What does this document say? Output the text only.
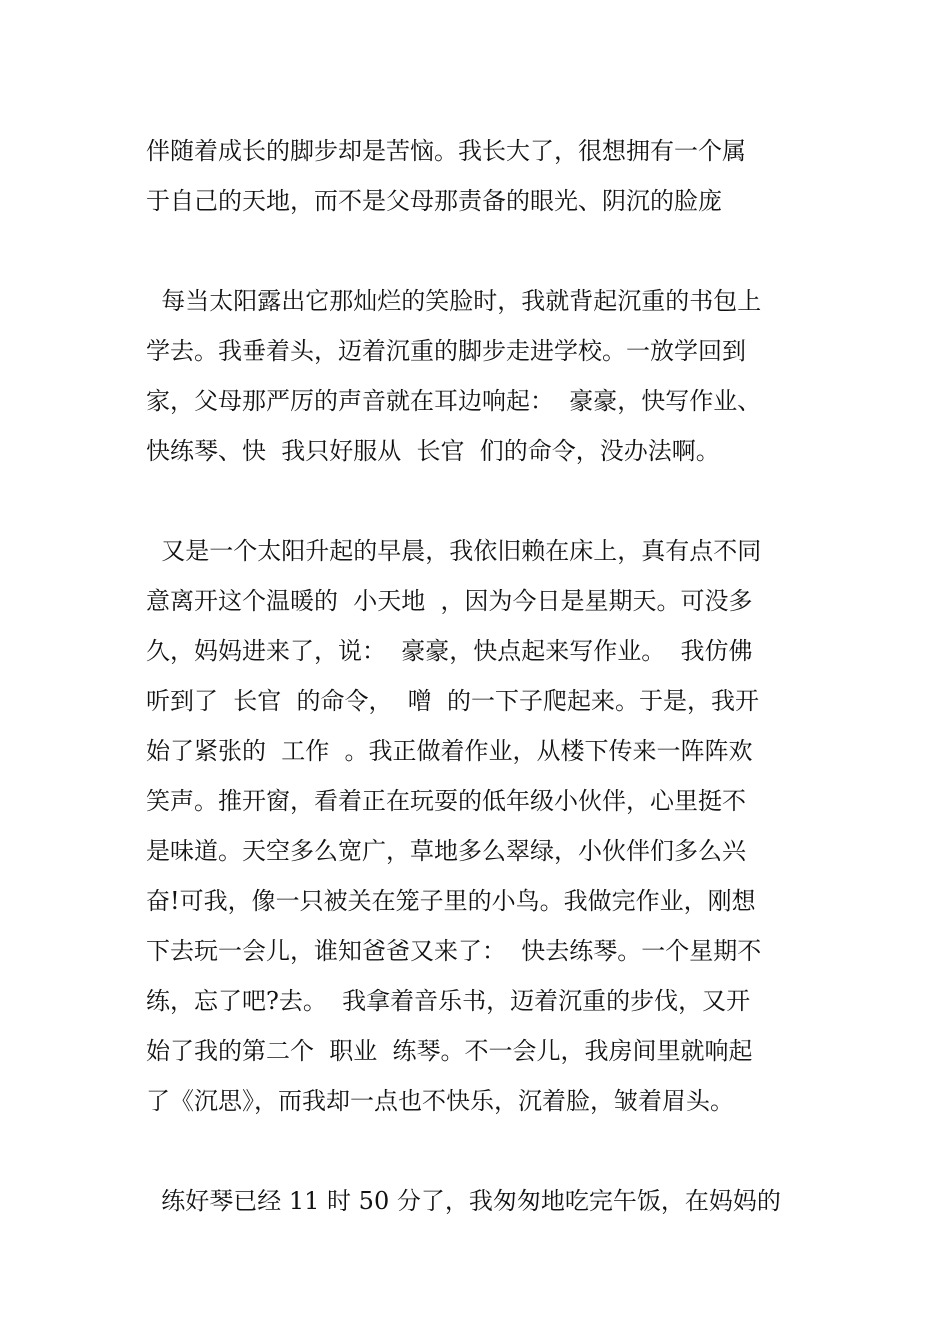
伴随着成长的脚步却是苦恼。我长大了，很想拥有一个属
于自己的天地，而不是父母那责备的眼光、阴沉的脸庞
每当太阳露出它那灿烂的笑脸时，我就背起沉重的书包上
学去。我垂着头，迈着沉重的脚步走进学校。一放学回到
家，父母那严厉的声音就在耳边响起：  豪豪，快写作业、
快练琴、快  我只好服从  长官  们的命令，没办法啊。
又是一个太阳升起的早晨，我依旧赖在床上，真有点不同
意离开这个温暖的  小天地  ，因为今日是星期天。可没多
久，妈妈进来了，说：  豪豪，快点起来写作业。  我仿佛
听到了  长官  的命令，  噌  的一下子爬起来。于是，我开
始了紧张的  工作  。我正做着作业，从楼下传来一阵阵欢
笑声。推开窗，看着正在玩耍的低年级小伙伴，心里挺不
是味道。天空多么宽广，草地多么翠绿，小伙伴们多么兴
奋!可我，像一只被关在笼子里的小鸟。我做完作业，刚想
下去玩一会儿，谁知爸爸又来了：  快去练琴。一个星期不
练，忘了吧?去。  我拿着音乐书，迈着沉重的步伐，又开
始了我的第二个  职业  练琴。不一会儿，我房间里就响起
了《沉思》，而我却一点也不快乐，沉着脸，皱着眉头。
练好琴已经 11 时 50 分了，我匆匆地吃完午饭，在妈妈的
